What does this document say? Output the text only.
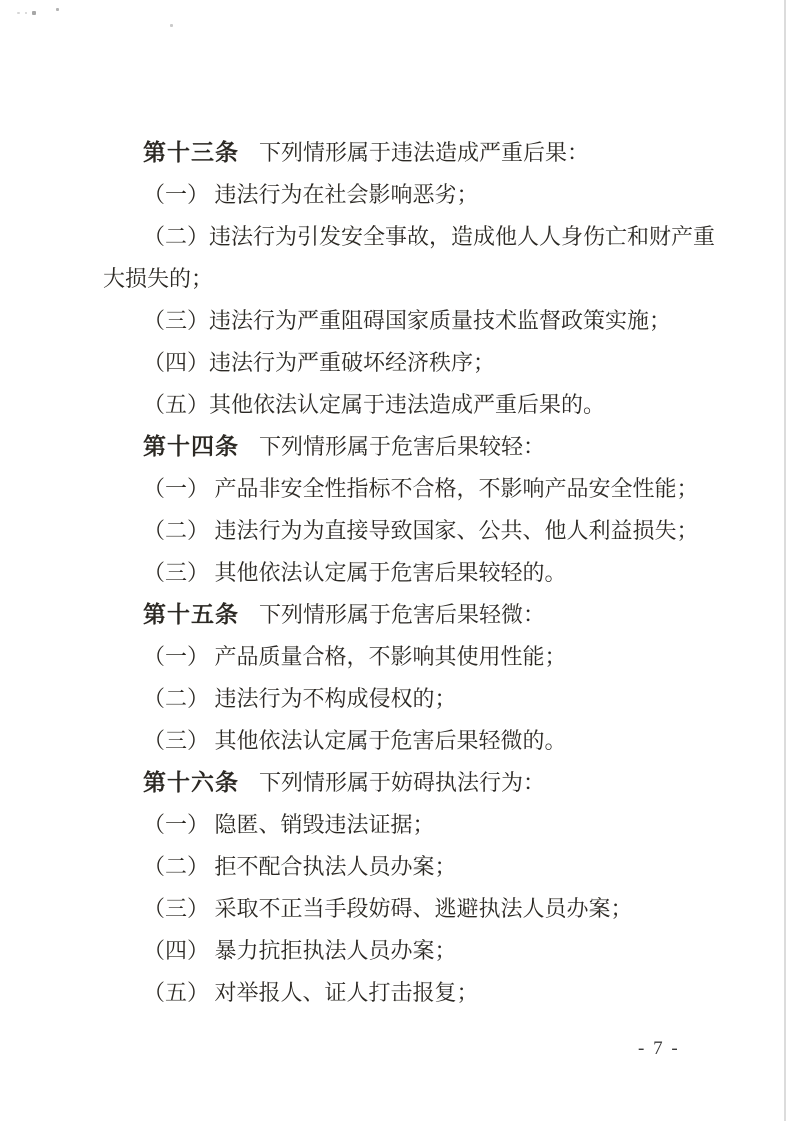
第十三条 下列情形属于违法造成严重后果：

（一） 违法行为在社会影响恶劣；

（二）违法行为引发安全事故，造成他人人身伤亡和财产重大损失的；

（三）违法行为严重阻碍国家质量技术监督政策实施；

（四）违法行为严重破坏经济秩序；

（五）其他依法认定属于违法造成严重后果的。

第十四条 下列情形属于危害后果较轻：

（一） 产品非安全性指标不合格，不影响产品安全性能；

（二） 违法行为为直接导致国家、公共、他人利益损失；

（三） 其他依法认定属于危害后果较轻的。

第十五条 下列情形属于危害后果轻微：

（一） 产品质量合格，不影响其使用性能；

（二） 违法行为不构成侵权的；

（三） 其他依法认定属于危害后果轻微的。

第十六条 下列情形属于妨碍执法行为：

（一） 隐匿、销毁违法证据；

（二） 拒不配合执法人员办案；

（三） 采取不正当手段妨碍、逃避执法人员办案；

（四） 暴力抗拒执法人员办案；

（五） 对举报人、证人打击报复；

- 7 -
